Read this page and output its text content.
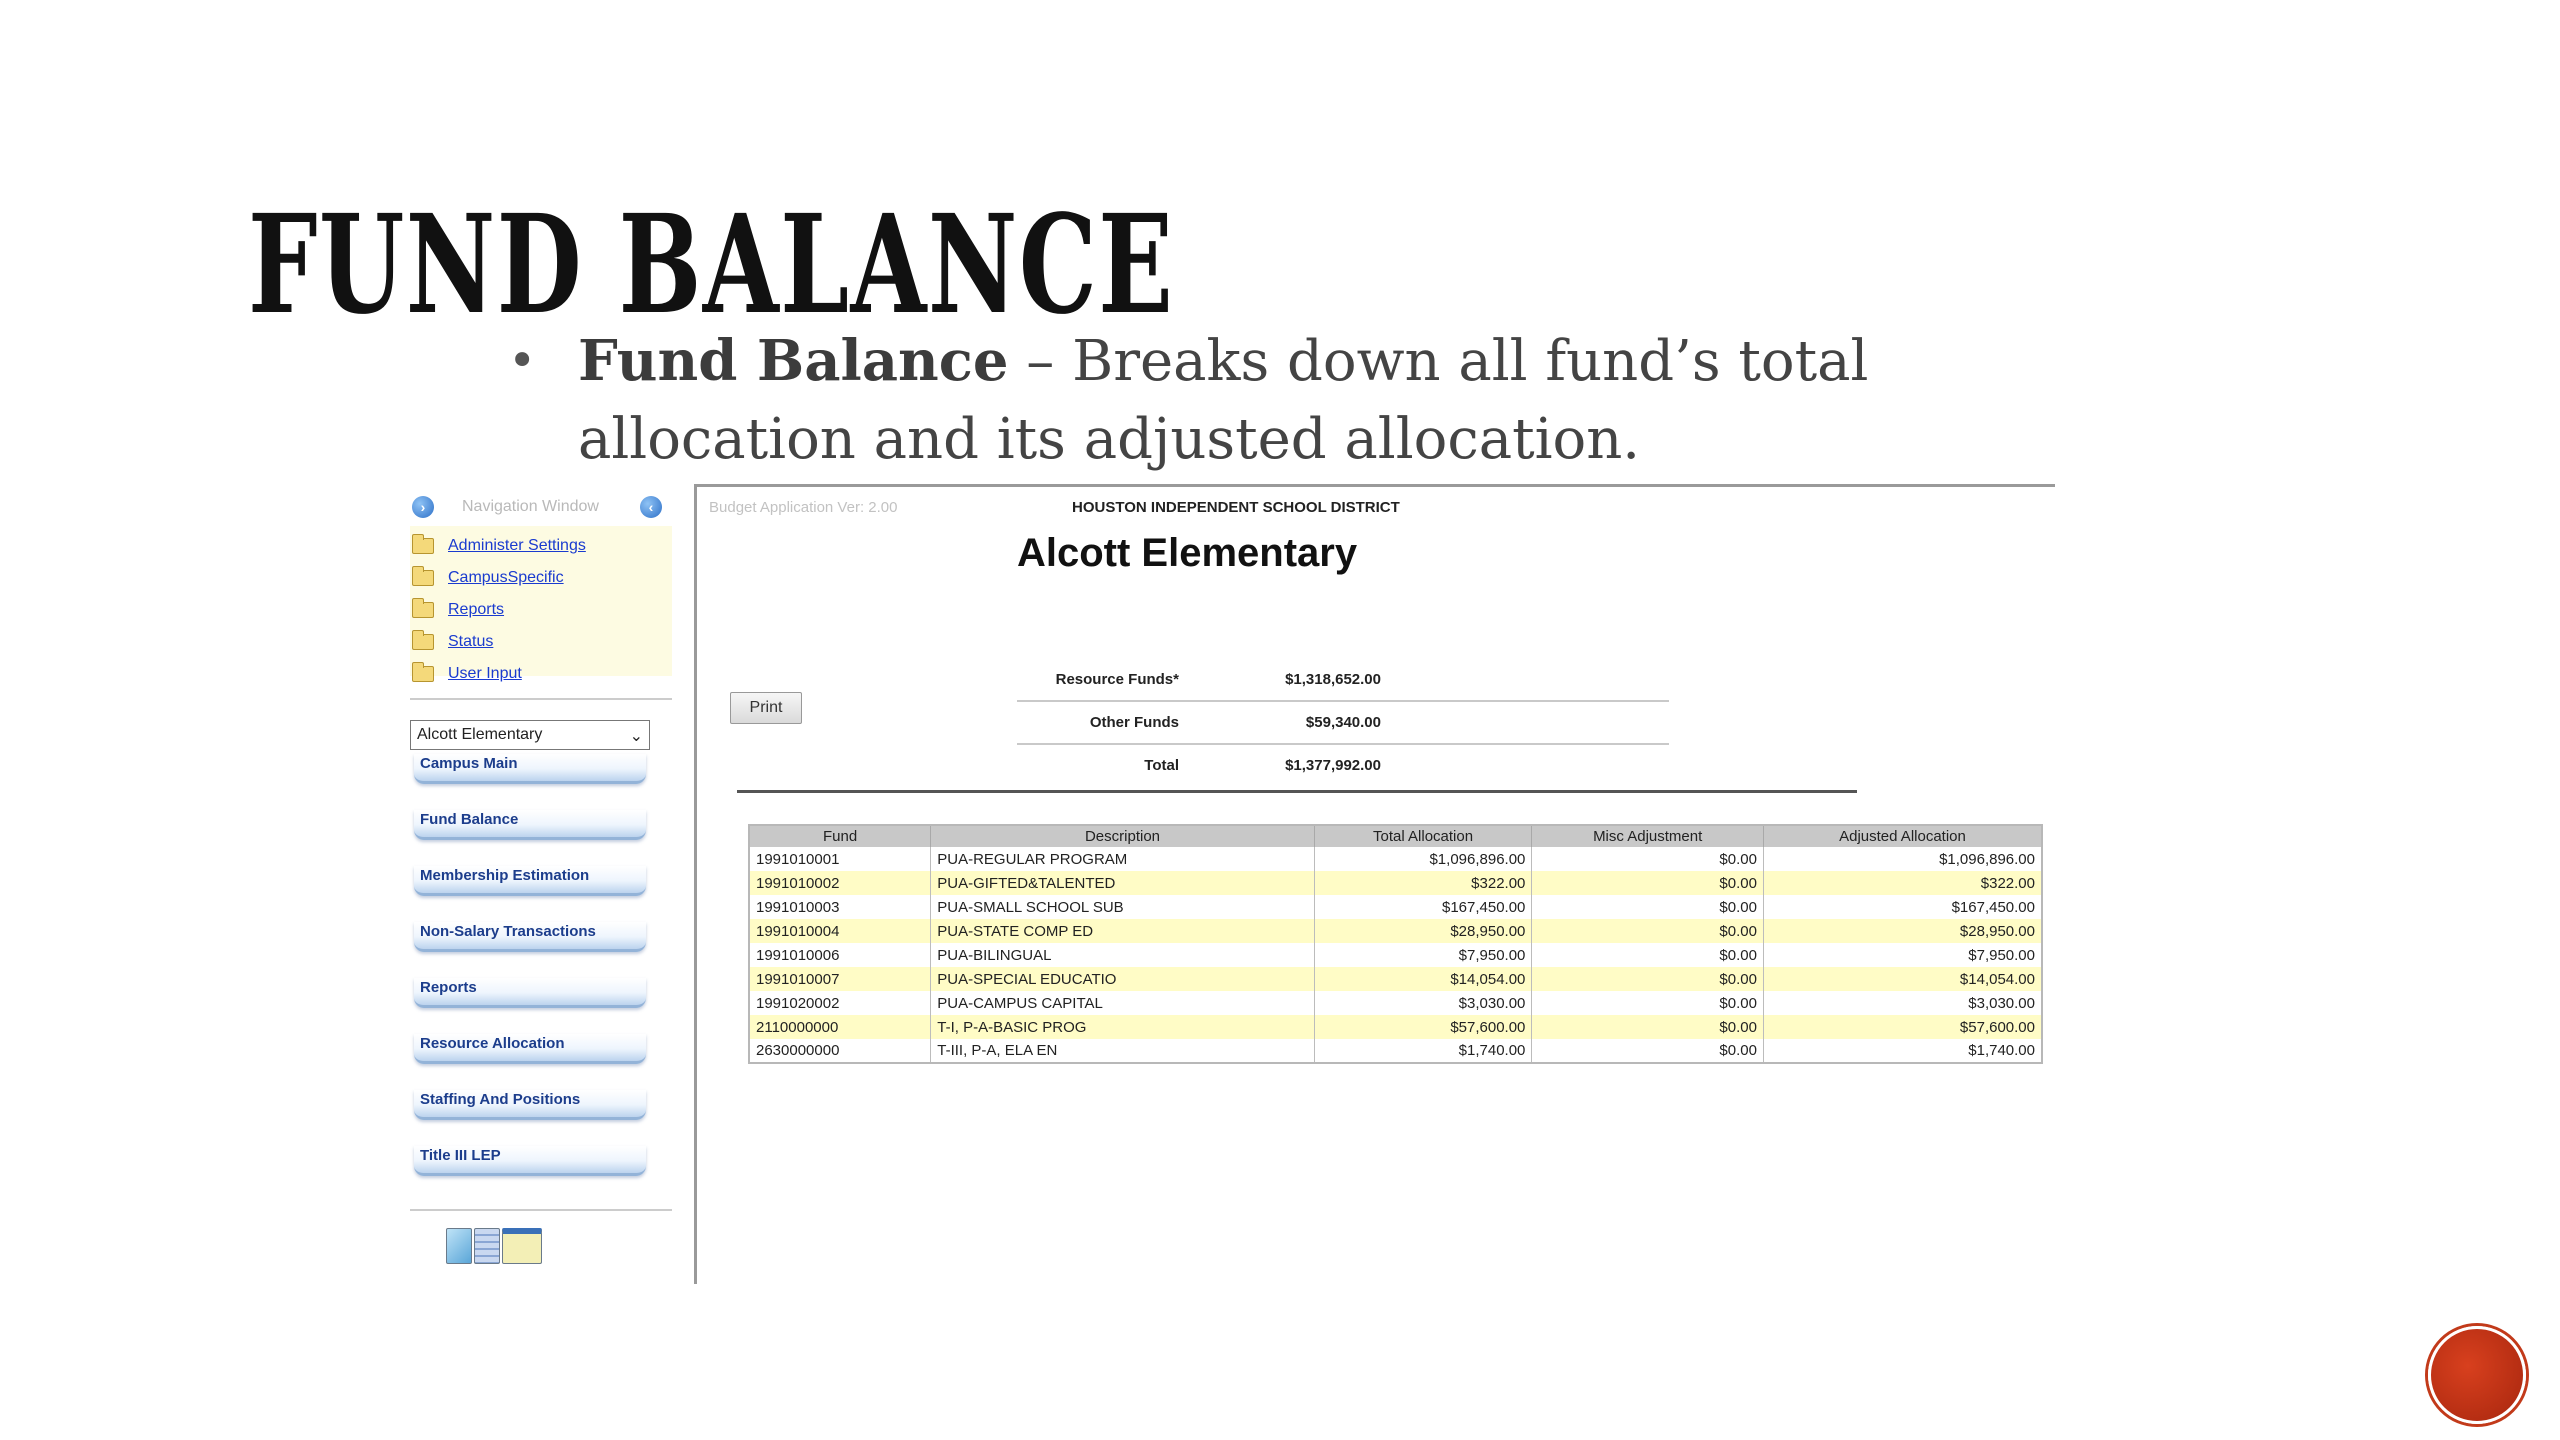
FUND BALANCE
• Fund Balance – Breaks down all fund’s total allocation and its adjusted allocation.
›	Navigation Window	‹
Administer Settings
CampusSpecific
Reports
Status
User Input
Alcott Elementary	⌄
Campus Main
Fund Balance
Membership Estimation
Non-Salary Transactions
Reports
Resource Allocation
Staffing And Positions
Title III LEP
Budget Application Ver: 2.00	HOUSTON INDEPENDENT SCHOOL DISTRICT
Alcott Elementary
Print
Resource Funds*	$1,318,652.00
Other Funds	$59,340.00
Total	$1,377,992.00
Fund	Description	Total Allocation	Misc Adjustment	Adjusted Allocation
1991010001	PUA-REGULAR PROGRAM	$1,096,896.00	$0.00	$1,096,896.00
1991010002	PUA-GIFTED&TALENTED	$322.00	$0.00	$322.00
1991010003	PUA-SMALL SCHOOL SUB	$167,450.00	$0.00	$167,450.00
1991010004	PUA-STATE COMP ED	$28,950.00	$0.00	$28,950.00
1991010006	PUA-BILINGUAL	$7,950.00	$0.00	$7,950.00
1991010007	PUA-SPECIAL EDUCATIO	$14,054.00	$0.00	$14,054.00
1991020002	PUA-CAMPUS CAPITAL	$3,030.00	$0.00	$3,030.00
2110000000	T-I, P-A-BASIC PROG	$57,600.00	$0.00	$57,600.00
2630000000	T-III, P-A, ELA EN	$1,740.00	$0.00	$1,740.00
